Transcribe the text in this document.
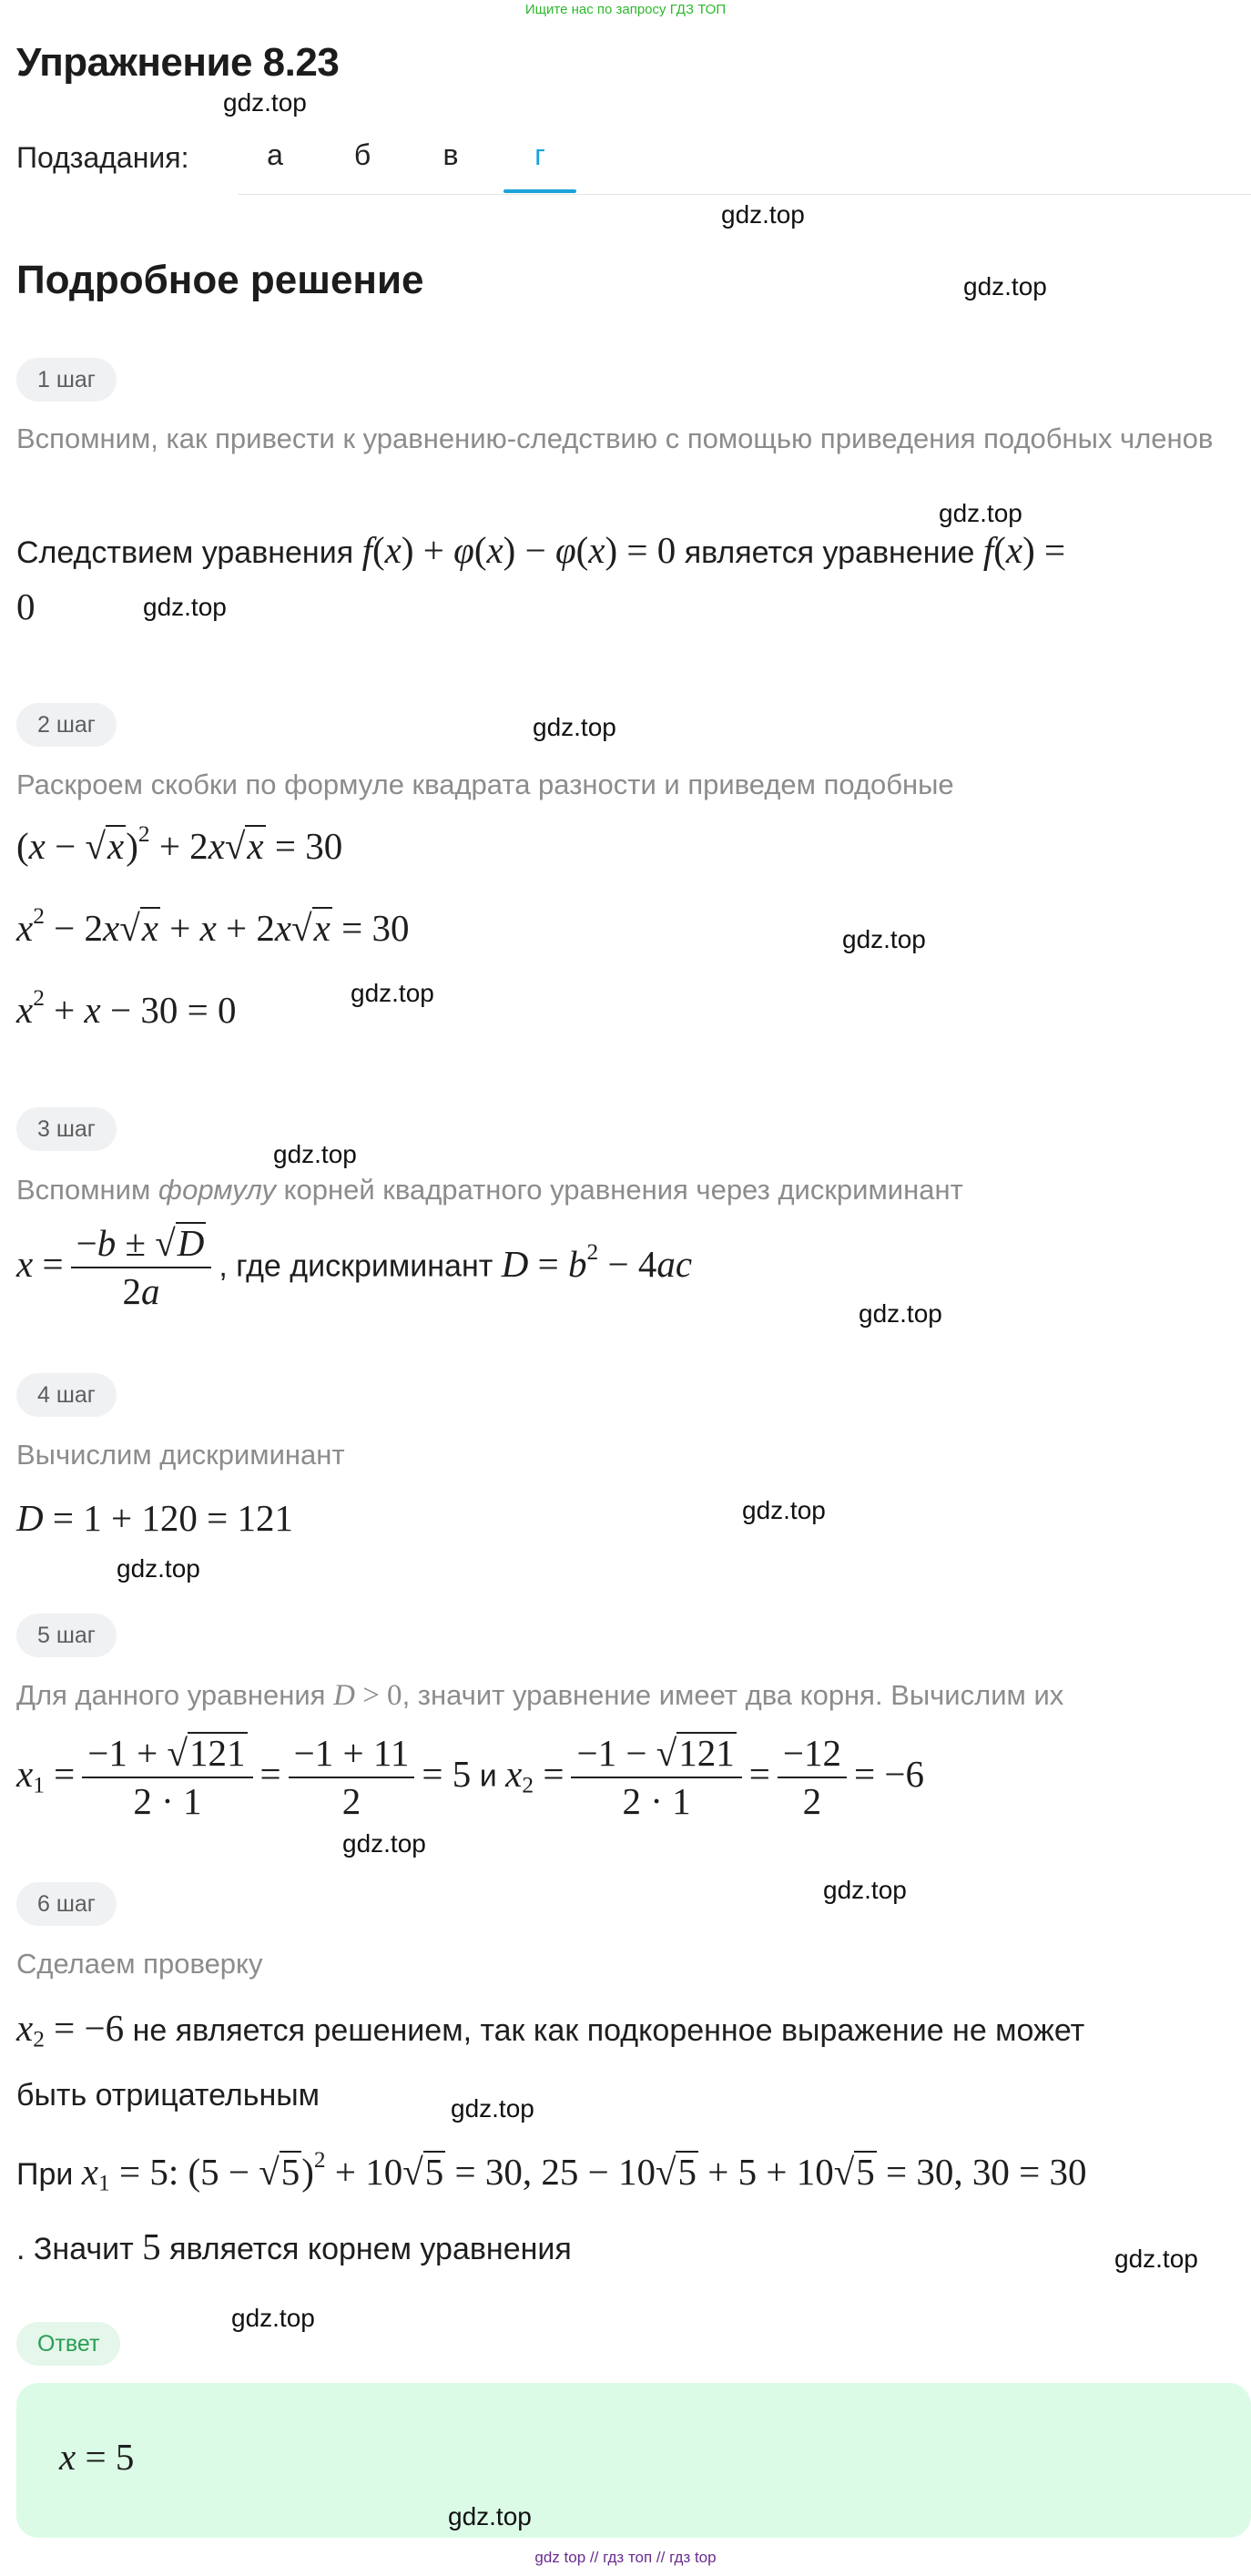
Ищите нас по запросу ГДЗ ТОП
Упражнение 8.23
gdz.top
Подзадания:	а	б	в	г
gdz.top
Подробное решение	gdz.top
1 шаг
Вспомним, как привести к уравнению-следствию с помощью приведения подобных членов
gdz.top
Следствием уравнения f(x) + φ(x) − φ(x) = 0 является уравнение f(x) =
0	gdz.top
2 шаг	gdz.top
Раскроем скобки по формуле квадрата разности и приведем подобные
$(x - √x)^2 + 2x√x = 30$
$x^2 - 2x√x + x + 2x√x = 30$	gdz.top
$x^2 + x - 30 = 0$	gdz.top
3 шаг
gdz.top
Вспомним формулу корней квадратного уравнения через дискриминант
$x = \frac{-b \pm √D}{2a}$ , где дискриминант $D = b^2 - 4ac$
gdz.top
4 шаг
Вычислим дискриминант
D = 1 + 120 = 121	gdz.top
gdz.top
5 шаг
Для данного уравнения D > 0, значит уравнение имеет два корня. Вычислим их
$x_1 = \frac{-1 + √121}{2 \cdot 1} = \frac{-1 + 11}{2} = 5$ и $x_2 = \frac{-1 - √121}{2 \cdot 1} = \frac{-12}{2} = -6$
gdz.top
gdz.top
6 шаг
Сделаем проверку
$x_2 = -6$ не является решением, так как подкоренное выражение не может
быть отрицательным	gdz.top
При $x_1 = 5$: $(5 - √5)^2 + 10√5 = 30$, 25 − 10√5 + 5 + 10√5 = 30, 30 = 30
. Значит 5 является корнем уравнения	gdz.top
Ответ
gdz.top
x = 5
gdz.top
gdz top // гдз топ // гдз top
